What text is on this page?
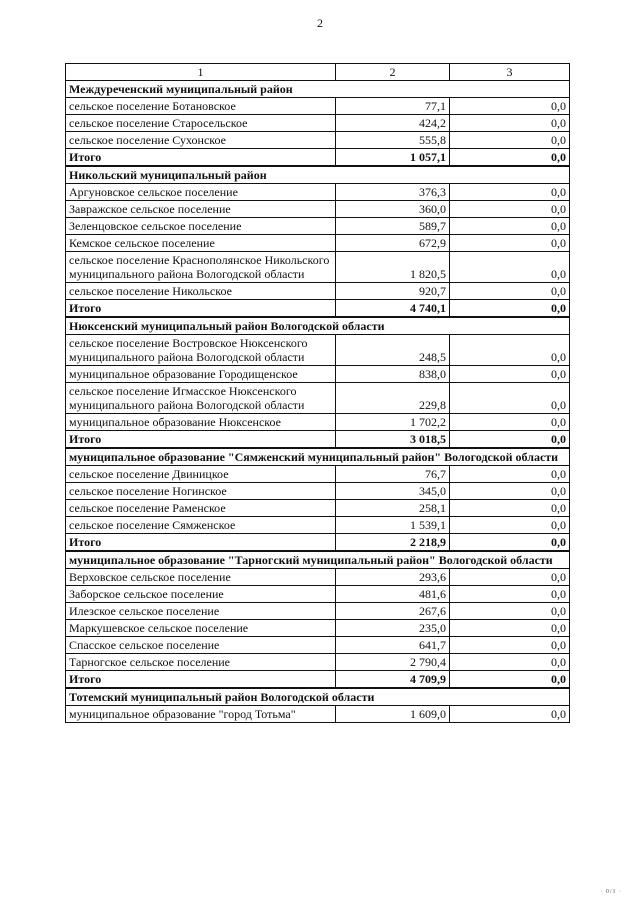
2
1	2	3
Междуреченский муниципальный район		
сельское поселение Ботановское	77,1	0,0
сельское поселение Старосельское	424,2	0,0
сельское поселение Сухонское	555,8	0,0
Итого	1 057,1	0,0
Никольский муниципальный район		
Аргуновское сельское поселение	376,3	0,0
Завражское сельское поселение	360,0	0,0
Зеленцовское сельское поселение	589,7	0,0
Кемское сельское поселение	672,9	0,0
сельское поселение Краснополянское Никольского муниципального района Вологодской области	1 820,5	0,0
сельское поселение Никольское	920,7	0,0
Итого	4 740,1	0,0
Нюксенский муниципальный район Вологодской области		
сельское поселение Востровское Нюксенского муниципального района Вологодской области	248,5	0,0
муниципальное образование Городищенское	838,0	0,0
сельское поселение Игмасское Нюксенского муниципального района Вологодской области	229,8	0,0
муниципальное образование Нюксенское	1 702,2	0,0
Итого	3 018,5	0,0
муниципальное образование "Сямженский муниципальный район" Вологодской области		
сельское поселение Двиницкое	76,7	0,0
сельское поселение Ногинское	345,0	0,0
сельское поселение Раменское	258,1	0,0
сельское поселение Сямженское	1 539,1	0,0
Итого	2 218,9	0,0
муниципальное образование "Тарногский муниципальный район" Вологодской области		
Верховское сельское поселение	293,6	0,0
Заборское сельское поселение	481,6	0,0
Илезское сельское поселение	267,6	0,0
Маркушевское сельское поселение	235,0	0,0
Спасское сельское поселение	641,7	0,0
Тарногское сельское поселение	2 790,4	0,0
Итого	4 709,9	0,0
Тотемский муниципальный район Вологодской области		
муниципальное образование "город Тотьма"	1 609,0	0,0
· 0/1 ·
